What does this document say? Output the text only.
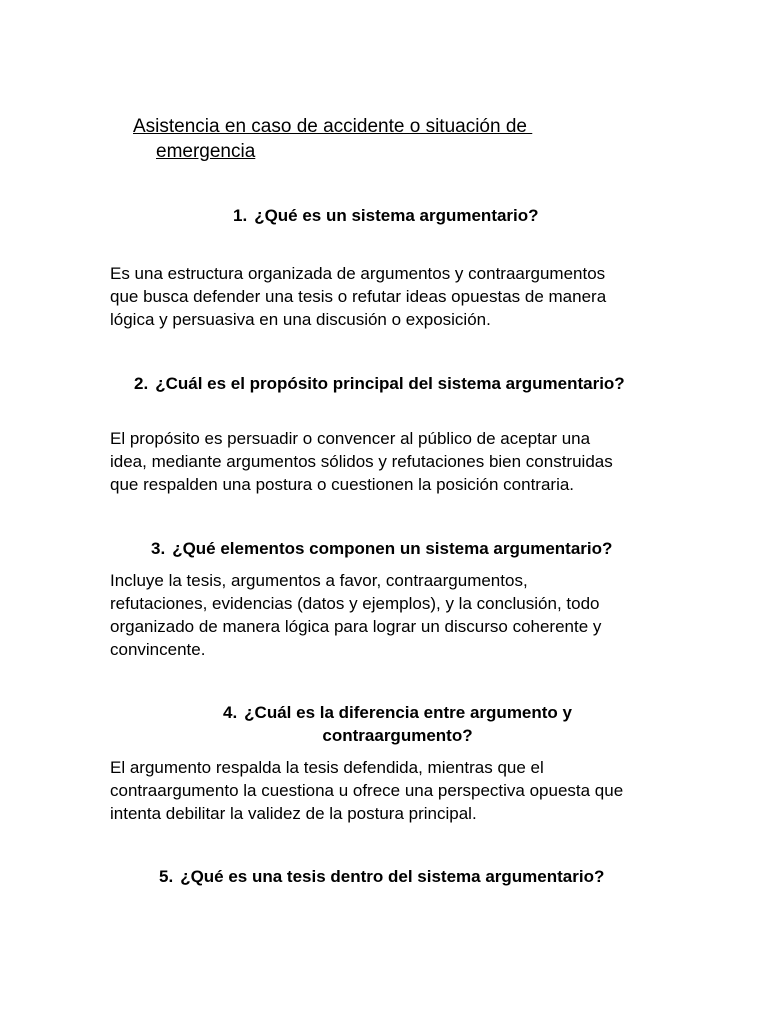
Asistencia en caso de accidente o situación de
emergencia
1. ¿Qué es un sistema argumentario?

Es una estructura organizada de argumentos y contraargumentos
que busca defender una tesis o refutar ideas opuestas de manera
lógica y persuasiva en una discusión o exposición.

2. ¿Cuál es el propósito principal del sistema argumentario?

El propósito es persuadir o convencer al público de aceptar una
idea, mediante argumentos sólidos y refutaciones bien construidas
que respalden una postura o cuestionen la posición contraria.

3. ¿Qué elementos componen un sistema argumentario?

Incluye la tesis, argumentos a favor, contraargumentos,
refutaciones, evidencias (datos y ejemplos), y la conclusión, todo
organizado de manera lógica para lograr un discurso coherente y
convincente.

4. ¿Cuál es la diferencia entre argumento y
contraargumento?

El argumento respalda la tesis defendida, mientras que el
contraargumento la cuestiona u ofrece una perspectiva opuesta que
intenta debilitar la validez de la postura principal.

5. ¿Qué es una tesis dentro del sistema argumentario?
